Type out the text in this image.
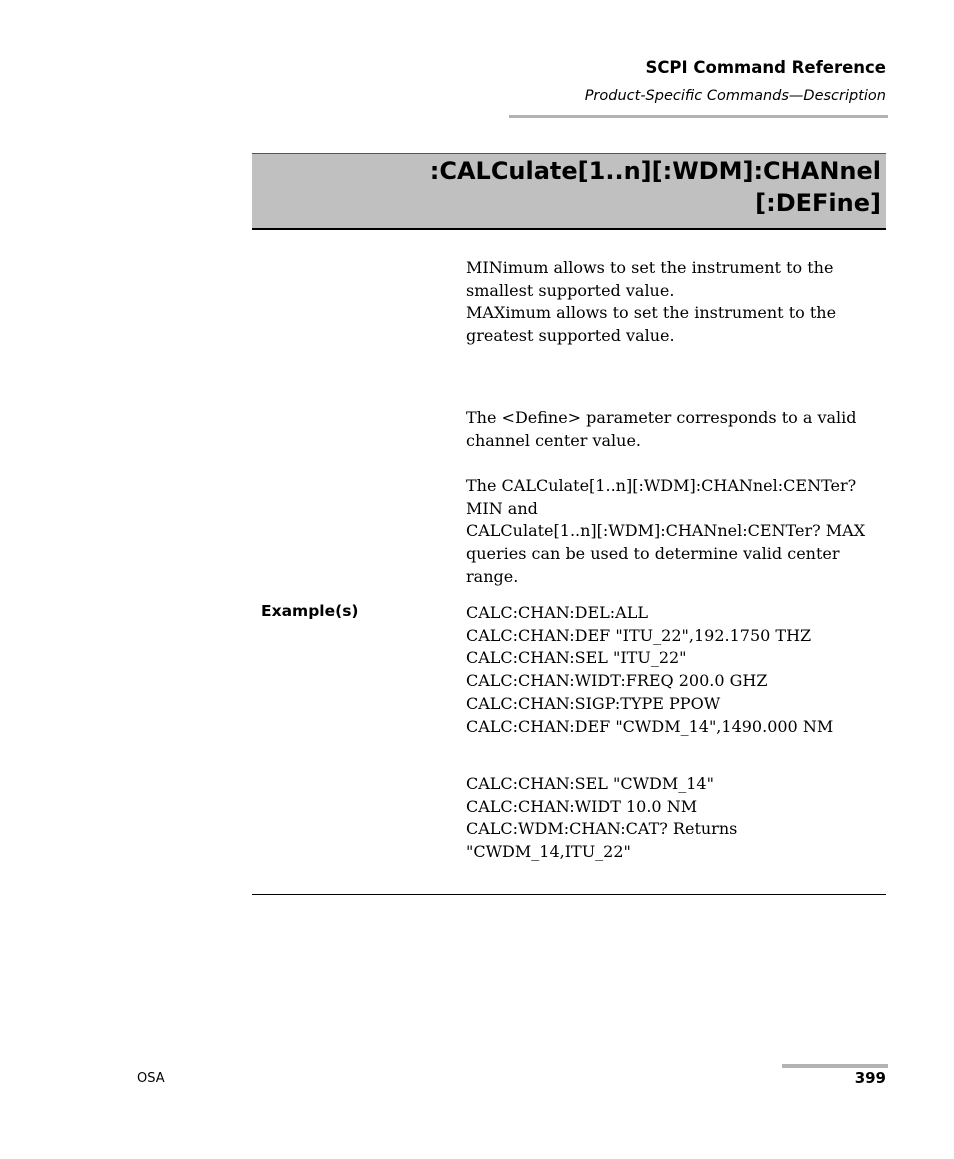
SCPI Command Reference
Product-Specific Commands—Description
:CALCulate[1..n][:WDM]:CHANnel
[:DEFine]
MINimum allows to set the instrument to the
smallest supported value.
MAXimum allows to set the instrument to the
greatest supported value.
The <Define> parameter corresponds to a valid
channel center value.
The CALCulate[1..n][:WDM]:CHANnel:CENTer?
MIN and
CALCulate[1..n][:WDM]:CHANnel:CENTer? MAX
queries can be used to determine valid center
range.
Example(s)	CALC:CHAN:DEL:ALL
CALC:CHAN:DEF "ITU_22",192.1750 THZ
CALC:CHAN:SEL "ITU_22"
CALC:CHAN:WIDT:FREQ 200.0 GHZ
CALC:CHAN:SIGP:TYPE PPOW
CALC:CHAN:DEF "CWDM_14",1490.000 NM
CALC:CHAN:SEL "CWDM_14"
CALC:CHAN:WIDT 10.0 NM
CALC:WDM:CHAN:CAT? Returns
"CWDM_14,ITU_22"
OSA	399
